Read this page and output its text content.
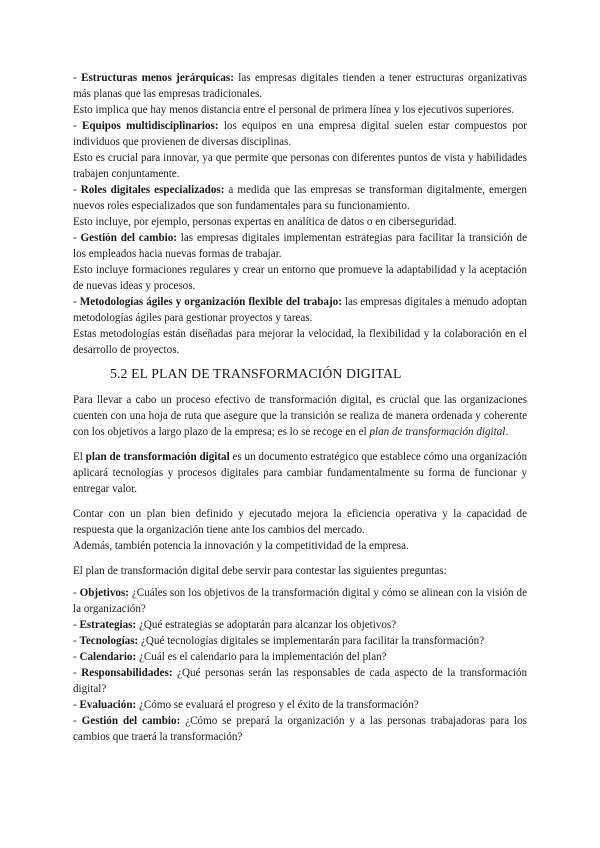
- Estructuras menos jerárquicas: las empresas digitales tienden a tener estructuras organizativas más planas que las empresas tradicionales.

Esto implica que hay menos distancia entre el personal de primera línea y los ejecutivos superiores.

- Equipos multidisciplinarios: los equipos en una empresa digital suelen estar compuestos por individuos que provienen de diversas disciplinas.

Esto es crucial para innovar, ya que permite que personas con diferentes puntos de vista y habilidades trabajen conjuntamente.

- Roles digitales especializados: a medida que las empresas se transforman digitalmente, emergen nuevos roles especializados que son fundamentales para su funcionamiento.

Esto incluye, por ejemplo, personas expertas en analítica de datos o en ciberseguridad.

- Gestión del cambio: las empresas digitales implementan estrategias para facilitar la transición de los empleados hacia nuevas formas de trabajar.

Esto incluye formaciones regulares y crear un entorno que promueve la adaptabilidad y la aceptación de nuevas ideas y procesos.

- Metodologías ágiles y organización flexible del trabajo: las empresas digitales a menudo adoptan metodologías ágiles para gestionar proyectos y tareas.

Estas metodologías están diseñadas para mejorar la velocidad, la flexibilidad y la colaboración en el desarrollo de proyectos.

5.2 EL PLAN DE TRANSFORMACIÓN DIGITAL

Para llevar a cabo un proceso efectivo de transformación digital, es crucial que las organizaciones cuenten con una hoja de ruta que asegure que la transición se realiza de manera ordenada y coherente con los objetivos a largo plazo de la empresa; es lo se recoge en el plan de transformación digital.

El plan de transformación digital es un documento estratégico que establece cómo una organización aplicará tecnologías y procesos digitales para cambiar fundamentalmente su forma de funcionar y entregar valor.

Contar con un plan bien definido y ejecutado mejora la eficiencia operativa y la capacidad de respuesta que la organización tiene ante los cambios del mercado.

Además, también potencia la innovación y la competitividad de la empresa.

El plan de transformación digital debe servir para contestar las siguientes preguntas:

- Objetivos: ¿Cuáles son los objetivos de la transformación digital y cómo se alinean con la visión de la organización?

- Estrategias: ¿Qué estrategias se adoptarán para alcanzar los objetivos?

- Tecnologías: ¿Qué tecnologías digitales se implementarán para facilitar la transformación?

- Calendario: ¿Cuál es el calendario para la implementación del plan?

- Responsabilidades: ¿Qué personas serán las responsables de cada aspecto de la transformación digital?

- Evaluación: ¿Cómo se evaluará el progreso y el éxito de la transformación?

- Gestión del cambio: ¿Cómo se prepará la organización y a las personas trabajadoras para los cambios que traerá la transformación?
